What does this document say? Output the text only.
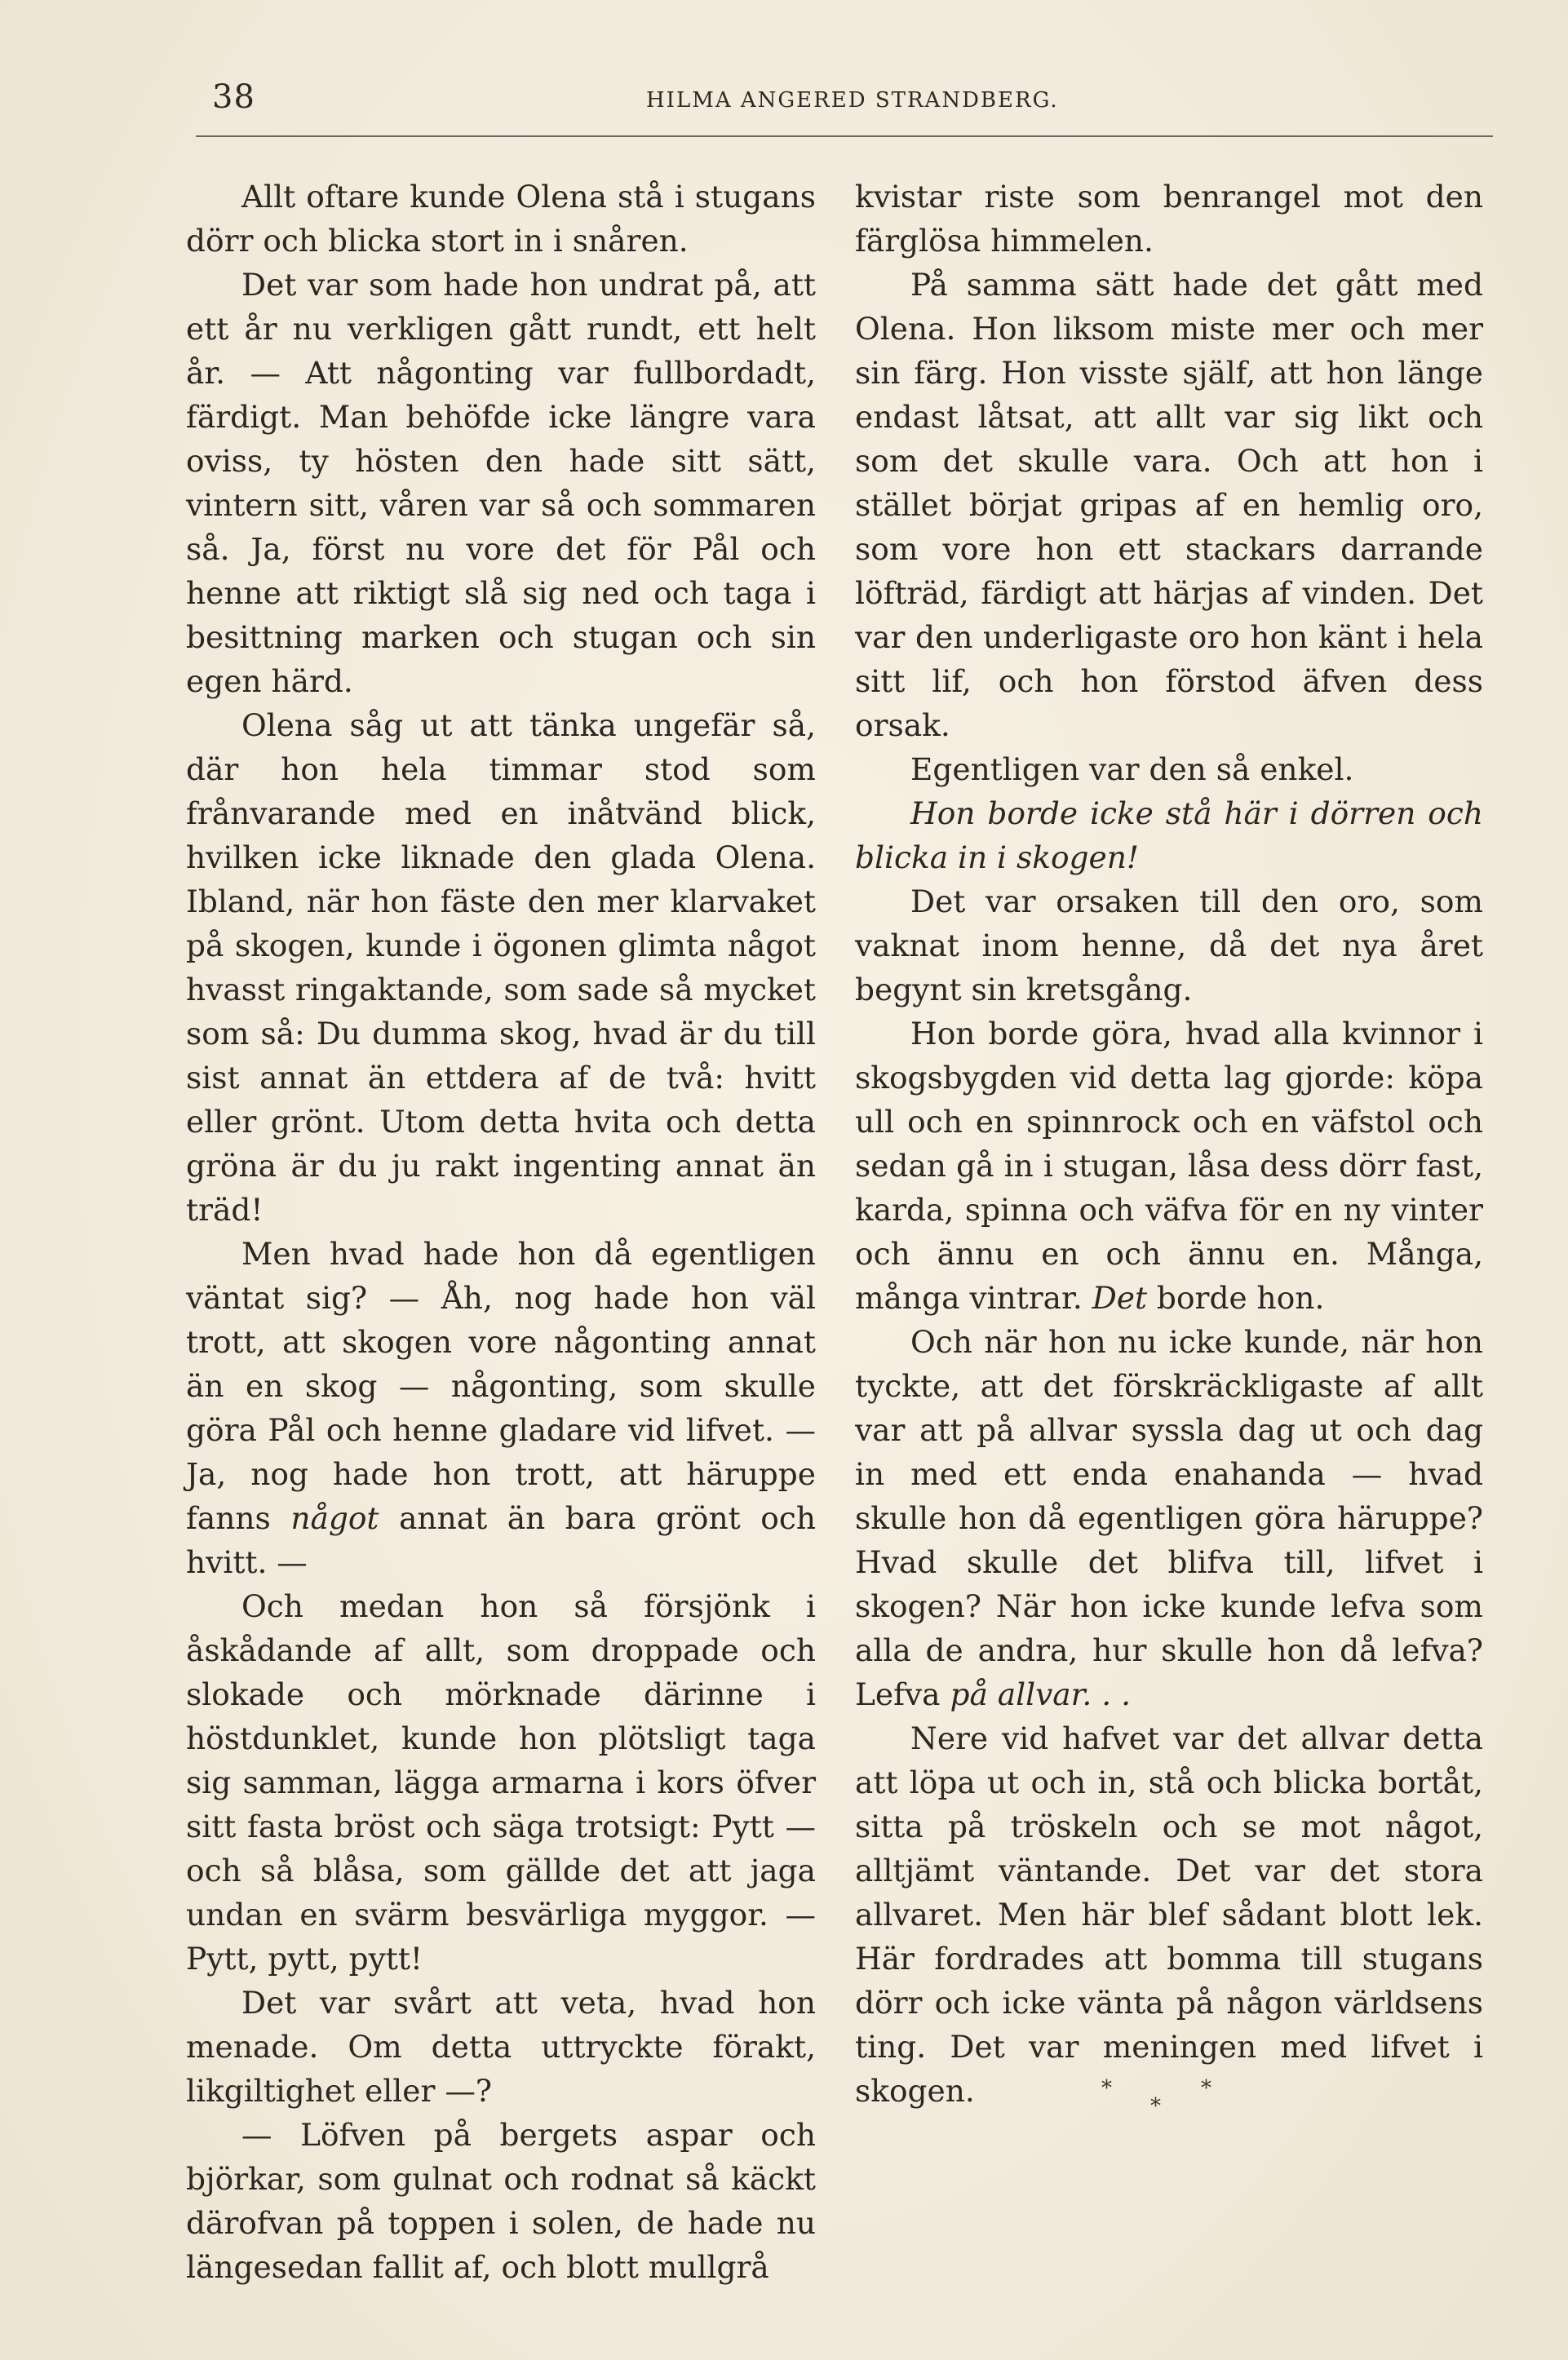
38	HILMA ANGERED STRANDBERG.

Allt oftare kunde Olena stå i stugans dörr och blicka stort in i snåren.

Det var som hade hon undrat på, att ett år nu verkligen gått rundt, ett helt år. — Att någonting var fullbordadt, färdigt. Man behöfde icke längre vara oviss, ty hösten den hade sitt sätt, vintern sitt, våren var så och sommaren så. Ja, först nu vore det för Pål och henne att riktigt slå sig ned och taga i besittning marken och stugan och sin egen härd.

Olena såg ut att tänka ungefär så, där hon hela timmar stod som frånvarande med en inåtvänd blick, hvilken icke liknade den glada Olena. Ibland, när hon fäste den mer klarvaket på skogen, kunde i ögonen glimta något hvasst ringaktande, som sade så mycket som så: Du dumma skog, hvad är du till sist annat än ettdera af de två: hvitt eller grönt. Utom detta hvita och detta gröna är du ju rakt ingenting annat än träd!

Men hvad hade hon då egentligen väntat sig? — Åh, nog hade hon väl trott, att skogen vore någonting annat än en skog — någonting, som skulle göra Pål och henne gladare vid lifvet. — Ja, nog hade hon trott, att häruppe fanns något annat än bara grönt och hvitt. —

Och medan hon så försjönk i åskådande af allt, som droppade och slokade och mörknade därinne i höstdunklet, kunde hon plötsligt taga sig samman, lägga armarna i kors öfver sitt fasta bröst och säga trotsigt: Pytt — och så blåsa, som gällde det att jaga undan en svärm besvärliga myggor. — Pytt, pytt, pytt!

Det var svårt att veta, hvad hon menade. Om detta uttryckte förakt, likgiltighet eller —?

— Löfven på bergets aspar och björkar, som gulnat och rodnat så käckt därofvan på toppen i solen, de hade nu längesedan fallit af, och blott mullgrå

kvistar riste som benrangel mot den färglösa himmelen.

På samma sätt hade det gått med Olena. Hon liksom miste mer och mer sin färg. Hon visste själf, att hon länge endast låtsat, att allt var sig likt och som det skulle vara. Och att hon i stället börjat gripas af en hemlig oro, som vore hon ett stackars darrande löfträd, färdigt att härjas af vinden. Det var den underligaste oro hon känt i hela sitt lif, och hon förstod äfven dess orsak.

Egentligen var den så enkel.

Hon borde icke stå här i dörren och blicka in i skogen!

Det var orsaken till den oro, som vaknat inom henne, då det nya året begynt sin kretsgång.

Hon borde göra, hvad alla kvinnor i skogsbygden vid detta lag gjorde: köpa ull och en spinnrock och en väfstol och sedan gå in i stugan, låsa dess dörr fast, karda, spinna och väfva för en ny vinter och ännu en och ännu en. Många, många vintrar. Det borde hon.

Och när hon nu icke kunde, när hon tyckte, att det förskräckligaste af allt var att på allvar syssla dag ut och dag in med ett enda enahanda — hvad skulle hon då egentligen göra häruppe? Hvad skulle det blifva till, lifvet i skogen? När hon icke kunde lefva som alla de andra, hur skulle hon då lefva? Lefva på allvar. . .

Nere vid hafvet var det allvar detta att löpa ut och in, stå och blicka bortåt, sitta på tröskeln och se mot något, alltjämt väntande. Det var det stora allvaret. Men här blef sådant blott lek. Här fordrades att bomma till stugans dörr och icke vänta på någon världsens ting. Det var meningen med lifvet i skogen.	*
*
*
